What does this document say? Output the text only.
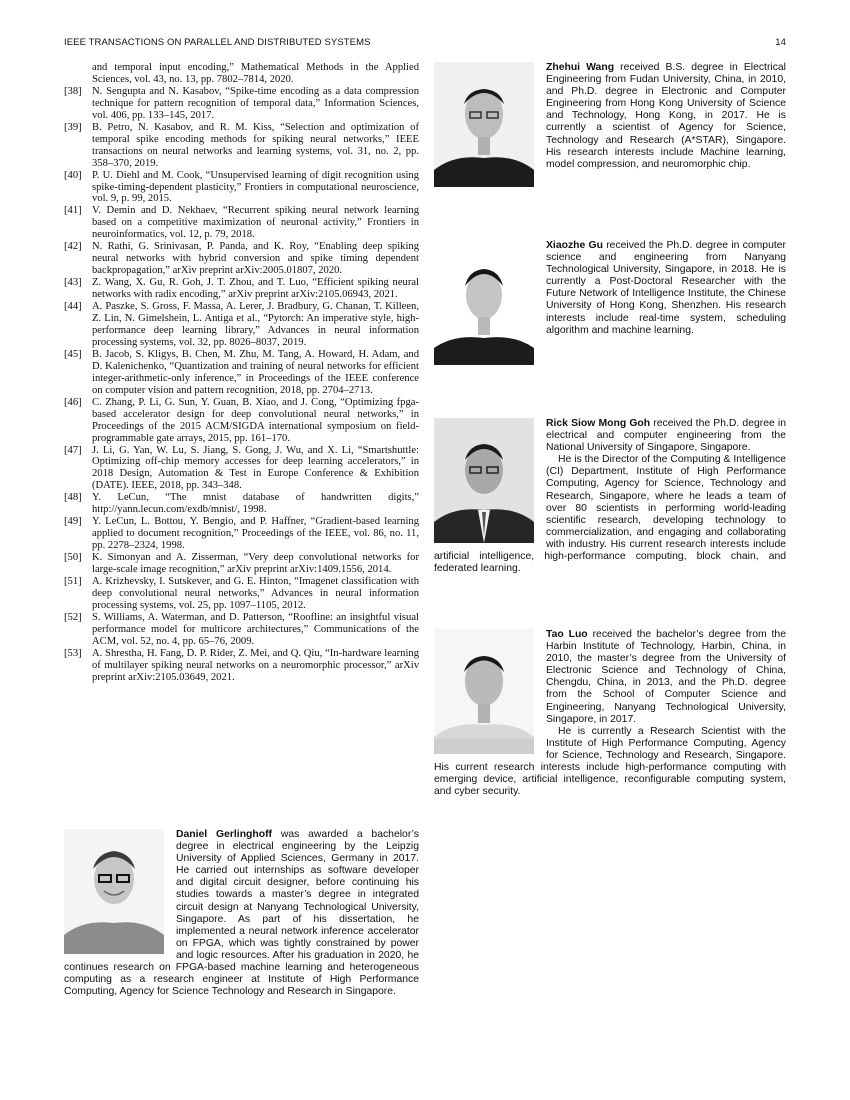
IEEE TRANSACTIONS ON PARALLEL AND DISTRIBUTED SYSTEMS	14
and temporal input encoding,” Mathematical Methods in the Applied Sciences, vol. 43, no. 13, pp. 7802–7814, 2020.
[38] N. Sengupta and N. Kasabov, “Spike-time encoding as a data compression technique for pattern recognition of temporal data,” Information Sciences, vol. 406, pp. 133–145, 2017.
[39] B. Petro, N. Kasabov, and R. M. Kiss, “Selection and optimization of temporal spike encoding methods for spiking neural networks,” IEEE transactions on neural networks and learning systems, vol. 31, no. 2, pp. 358–370, 2019.
[40] P. U. Diehl and M. Cook, “Unsupervised learning of digit recognition using spike-timing-dependent plasticity,” Frontiers in computational neuroscience, vol. 9, p. 99, 2015.
[41] V. Demin and D. Nekhaev, “Recurrent spiking neural network learning based on a competitive maximization of neuronal activity,” Frontiers in neuroinformatics, vol. 12, p. 79, 2018.
[42] N. Rathi, G. Srinivasan, P. Panda, and K. Roy, “Enabling deep spiking neural networks with hybrid conversion and spike timing dependent backpropagation,” arXiv preprint arXiv:2005.01807, 2020.
[43] Z. Wang, X. Gu, R. Goh, J. T. Zhou, and T. Luo, “Efficient spiking neural networks with radix encoding,” arXiv preprint arXiv:2105.06943, 2021.
[44] A. Paszke, S. Gross, F. Massa, A. Lerer, J. Bradbury, G. Chanan, T. Killeen, Z. Lin, N. Gimelshein, L. Antiga et al., “Pytorch: An imperative style, high-performance deep learning library,” Advances in neural information processing systems, vol. 32, pp. 8026–8037, 2019.
[45] B. Jacob, S. Kligys, B. Chen, M. Zhu, M. Tang, A. Howard, H. Adam, and D. Kalenichenko, “Quantization and training of neural networks for efficient integer-arithmetic-only inference,” in Proceedings of the IEEE conference on computer vision and pattern recognition, 2018, pp. 2704–2713.
[46] C. Zhang, P. Li, G. Sun, Y. Guan, B. Xiao, and J. Cong, “Optimizing fpga-based accelerator design for deep convolutional neural networks,” in Proceedings of the 2015 ACM/SIGDA international symposium on field-programmable gate arrays, 2015, pp. 161–170.
[47] J. Li, G. Yan, W. Lu, S. Jiang, S. Gong, J. Wu, and X. Li, “Smartshuttle: Optimizing off-chip memory accesses for deep learning accelerators,” in 2018 Design, Automation & Test in Europe Conference & Exhibition (DATE). IEEE, 2018, pp. 343–348.
[48] Y. LeCun, “The mnist database of handwritten digits,” http://yann.lecun.com/exdb/mnist/, 1998.
[49] Y. LeCun, L. Bottou, Y. Bengio, and P. Haffner, “Gradient-based learning applied to document recognition,” Proceedings of the IEEE, vol. 86, no. 11, pp. 2278–2324, 1998.
[50] K. Simonyan and A. Zisserman, “Very deep convolutional networks for large-scale image recognition,” arXiv preprint arXiv:1409.1556, 2014.
[51] A. Krizhevsky, I. Sutskever, and G. E. Hinton, “Imagenet classification with deep convolutional neural networks,” Advances in neural information processing systems, vol. 25, pp. 1097–1105, 2012.
[52] S. Williams, A. Waterman, and D. Patterson, “Roofline: an insightful visual performance model for multicore architectures,” Communications of the ACM, vol. 52, no. 4, pp. 65–76, 2009.
[53] A. Shrestha, H. Fang, D. P. Rider, Z. Mei, and Q. Qiu, “In-hardware learning of multilayer spiking neural networks on a neuromorphic processor,” arXiv preprint arXiv:2105.03649, 2021.

Zhehui Wang received B.S. degree in Electrical Engineering from Fudan University, China, in 2010, and Ph.D. degree in Electronic and Computer Engineering from Hong Kong University of Science and Technology, Hong Kong, in 2017. He is currently a scientist of Agency for Science, Technology and Research (A*STAR), Singapore. His research interests include Machine learning, model compression, and neuromorphic chip.

Xiaozhe Gu received the Ph.D. degree in computer science and engineering from Nanyang Technological University, Singapore, in 2018. He is currently a Post-Doctoral Researcher with the Future Network of Intelligence Institute, the Chinese University of Hong Kong, Shenzhen. His research interests include real-time system, scheduling algorithm and machine learning.

Rick Siow Mong Goh received the Ph.D. degree in electrical and computer engineering from the National University of Singapore, Singapore.

He is the Director of the Computing & Intelligence (CI) Department, Institute of High Performance Computing, Agency for Science, Technology and Research, Singapore, where he leads a team of over 80 scientists in performing world-leading scientific research, developing technology to commercialization, and engaging and collaborating with industry. His current research interests include artificial intelligence, high-performance computing, block chain, and federated learning.

Tao Luo received the bachelor’s degree from the Harbin Institute of Technology, Harbin, China, in 2010, the master’s degree from the University of Electronic Science and Technology of China, Chengdu, China, in 2013, and the Ph.D. degree from the School of Computer Science and Engineering, Nanyang Technological University, Singapore, in 2017.

He is currently a Research Scientist with the Institute of High Performance Computing, Agency for Science, Technology and Research, Singapore. His current research interests include high-performance computing with emerging device, artificial intelligence, reconfigurable computing system, and cyber security.

Daniel Gerlinghoff was awarded a bachelor’s degree in electrical engineering by the Leipzig University of Applied Sciences, Germany in 2017. He carried out internships as software developer and digital circuit designer, before continuing his studies towards a master’s degree in integrated circuit design at Nanyang Technological University, Singapore. As part of his dissertation, he implemented a neural network inference accelerator on FPGA, which was tightly constrained by power and logic resources. After his graduation in 2020, he continues research on FPGA-based machine learning and heterogeneous computing as a research engineer at Institute of High Performance Computing, Agency for Science Technology and Research in Singapore.
